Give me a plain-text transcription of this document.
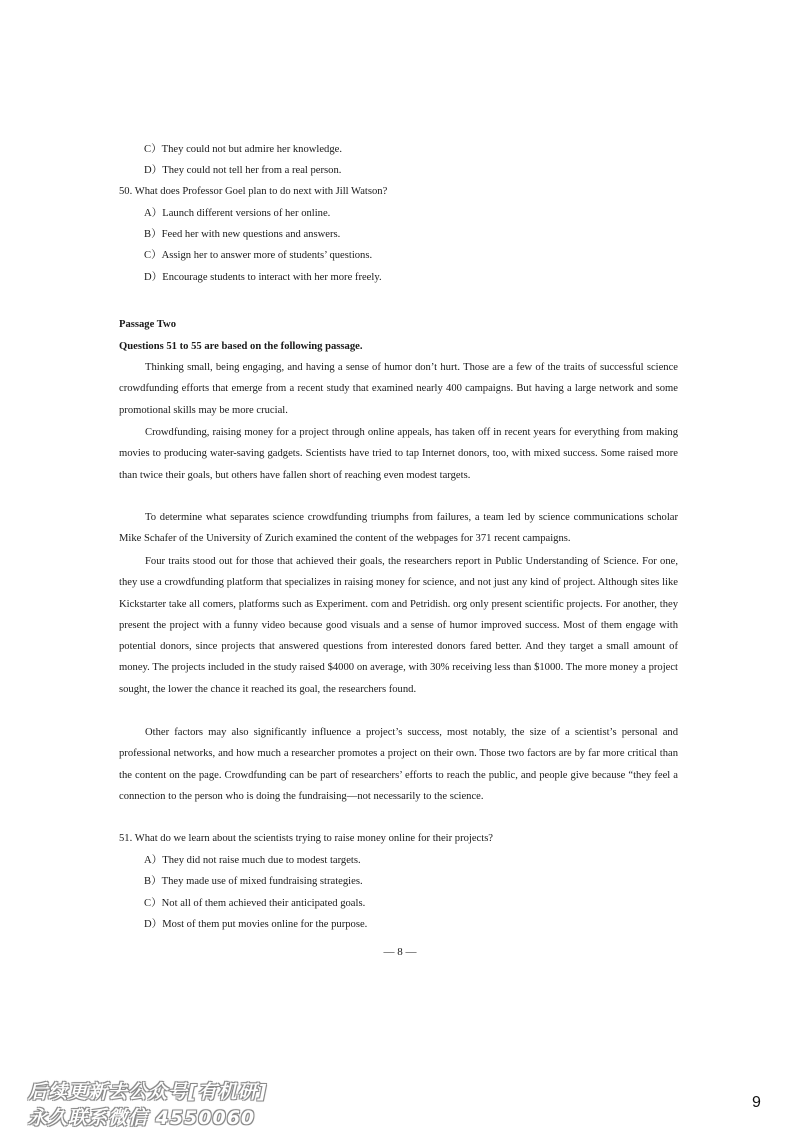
C）They could not but admire her knowledge.
D）They could not tell her from a real person.
50. What does Professor Goel plan to do next with Jill Watson?
A）Launch different versions of her online.
B）Feed her with new questions and answers.
C）Assign her to answer more of students’ questions.
D）Encourage students to interact with her more freely.
Passage Two
Questions 51 to 55 are based on the following passage.
Thinking small, being engaging, and having a sense of humor don’t hurt. Those are a few of the traits of successful science crowdfunding efforts that emerge from a recent study that examined nearly 400 campaigns. But having a large network and some promotional skills may be more crucial.
Crowdfunding, raising money for a project through online appeals, has taken off in recent years for everything from making movies to producing water-saving gadgets. Scientists have tried to tap Internet donors, too, with mixed success. Some raised more than twice their goals, but others have fallen short of reaching even modest targets.
To determine what separates science crowdfunding triumphs from failures, a team led by science communications scholar Mike Schafer of the University of Zurich examined the content of the webpages for 371 recent campaigns.
Four traits stood out for those that achieved their goals, the researchers report in Public Understanding of Science. For one, they use a crowdfunding platform that specializes in raising money for science, and not just any kind of project. Although sites like Kickstarter take all comers, platforms such as Experiment. com and Petridish. org only present scientific projects. For another, they present the project with a funny video because good visuals and a sense of humor improved success. Most of them engage with potential donors, since projects that answered questions from interested donors fared better. And they target a small amount of money. The projects included in the study raised $4000 on average, with 30% receiving less than $1000. The more money a project sought, the lower the chance it reached its goal, the researchers found.
Other factors may also significantly influence a project’s success, most notably, the size of a scientist’s personal and professional networks, and how much a researcher promotes a project on their own. Those two factors are by far more critical than the content on the page. Crowdfunding can be part of researchers’ efforts to reach the public, and people give because “they feel a connection to the person who is doing the fundraising—not necessarily to the science.
51. What do we learn about the scientists trying to raise money online for their projects?
A）They did not raise much due to modest targets.
B）They made use of mixed fundraising strategies.
C）Not all of them achieved their anticipated goals.
D）Most of them put movies online for the purpose.
— 8 —
后续更新去公众号[有机研]
永久联系微信 4550060
9
